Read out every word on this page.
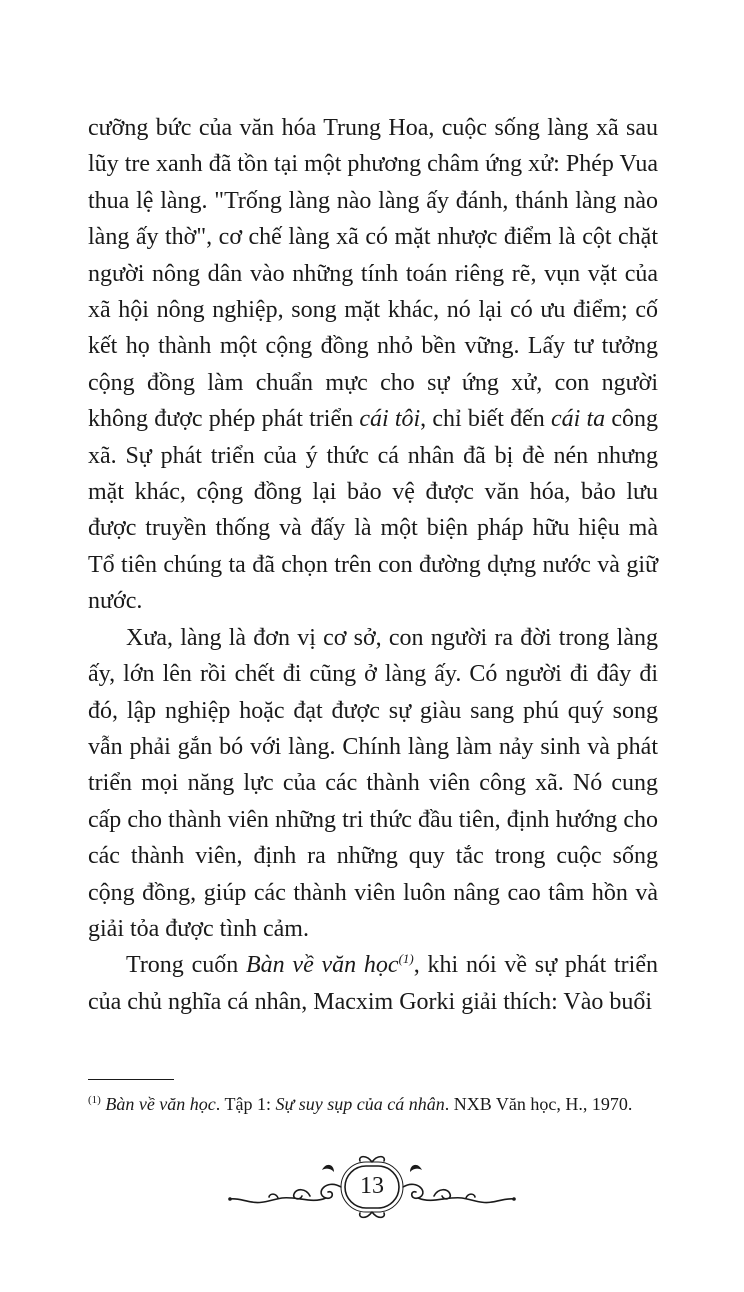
cưỡng bức của văn hóa Trung Hoa, cuộc sống làng xã sau lũy tre xanh đã tồn tại một phương châm ứng xử: Phép Vua thua lệ làng. "Trống làng nào làng ấy đánh, thánh làng nào làng ấy thờ", cơ chế làng xã có mặt nhược điểm là cột chặt người nông dân vào những tính toán riêng rẽ, vụn vặt của xã hội nông nghiệp, song mặt khác, nó lại có ưu điểm; cố kết họ thành một cộng đồng nhỏ bền vững. Lấy tư tưởng cộng đồng làm chuẩn mực cho sự ứng xử, con người không được phép phát triển cái tôi, chỉ biết đến cái ta công xã. Sự phát triển của ý thức cá nhân đã bị đè nén nhưng mặt khác, cộng đồng lại bảo vệ được văn hóa, bảo lưu được truyền thống và đấy là một biện pháp hữu hiệu mà Tổ tiên chúng ta đã chọn trên con đường dựng nước và giữ nước.

Xưa, làng là đơn vị cơ sở, con người ra đời trong làng ấy, lớn lên rồi chết đi cũng ở làng ấy. Có người đi đây đi đó, lập nghiệp hoặc đạt được sự giàu sang phú quý song vẫn phải gắn bó với làng. Chính làng làm nảy sinh và phát triển mọi năng lực của các thành viên công xã. Nó cung cấp cho thành viên những tri thức đầu tiên, định hướng cho các thành viên, định ra những quy tắc trong cuộc sống cộng đồng, giúp các thành viên luôn nâng cao tâm hồn và giải tỏa được tình cảm.

Trong cuốn Bàn về văn học$^{(1)}$, khi nói về sự phát triển của chủ nghĩa cá nhân, Macxim Gorki giải thích: Vào buổi

$^{(1)}$ Bàn về văn học. Tập 1: Sự suy sụp của cá nhân. NXB Văn học, H., 1970.
13
